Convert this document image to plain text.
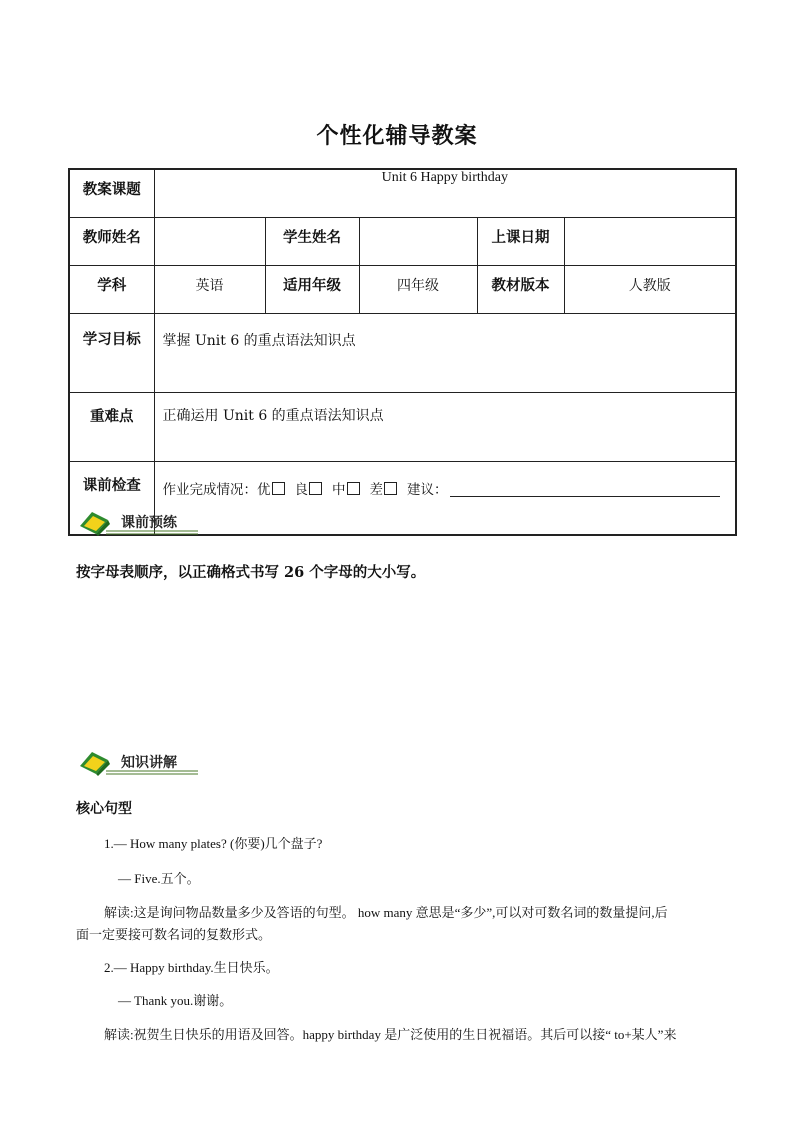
个性化辅导教案
教案课题	Unit 6 Happy birthday				
教师姓名		学生姓名		上课日期	
学科	英语	适用年级	四年级	教材版本	人教版
学习目标	掌握 Unit 6 的重点语法知识点				
重难点	正确运用 Unit 6 的重点语法知识点				
课前检查	作业完成情况：优 良 中 差 建议：				
课前预练
按字母表顺序，以正确格式书写 26 个字母的大小写。
知识讲解
核心句型
1.— How many plates? (你要)几个盘子?
— Five.五个。
解读:这是询问物品数量多少及答语的句型。 how many 意思是“多少”,可以对可数名词的数量提问,后
面一定要接可数名词的复数形式。
2.— Happy birthday.生日快乐。
— Thank you.谢谢。
解读:祝贺生日快乐的用语及回答。happy birthday 是广泛使用的生日祝福语。其后可以接“ to+某人”来
